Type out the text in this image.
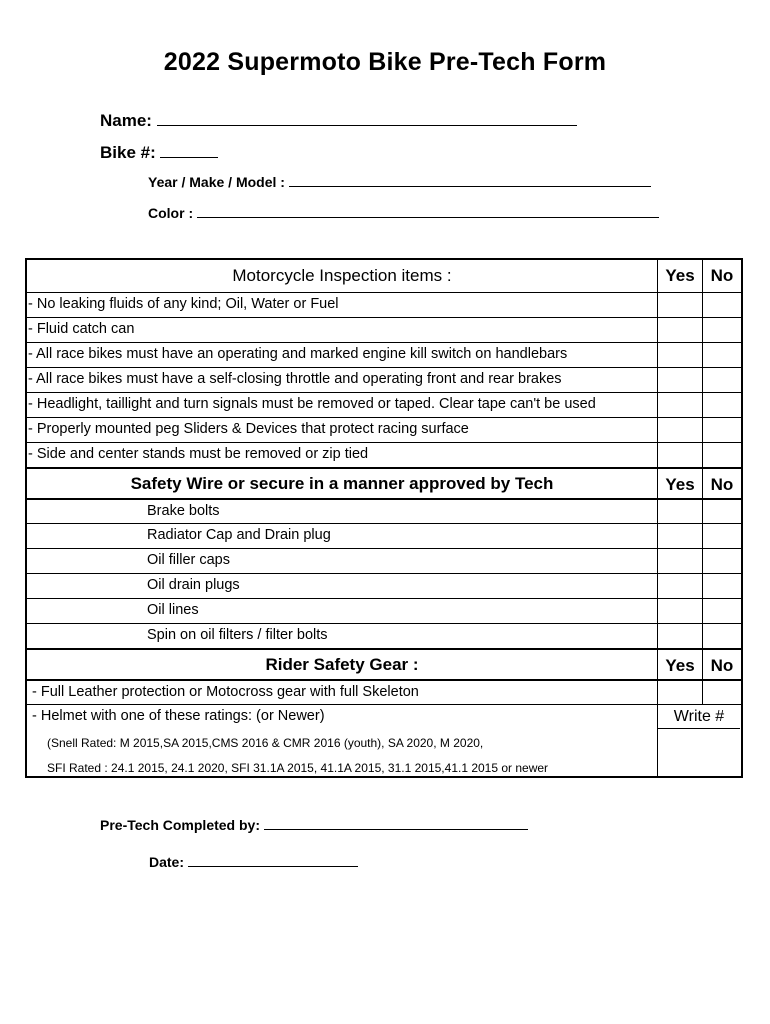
2022 Supermoto Bike Pre-Tech Form
Name:
Bike #:
Year / Make / Model :
Color :
Motorcycle Inspection items :	Yes No
- No leaking fluids of any kind; Oil, Water or Fuel
- Fluid catch can
- All race bikes must have an operating and marked engine kill switch on handlebars
- All race bikes must have a self-closing throttle and operating front and rear brakes
- Headlight, taillight and turn signals must be removed or taped. Clear tape can't be used
- Properly mounted peg Sliders & Devices that protect racing surface
- Side and center stands must be removed or zip tied
Safety Wire or secure in a manner approved by Tech	Yes No
Brake bolts
Radiator Cap and Drain plug
Oil filler caps
Oil drain plugs
Oil lines
Spin on oil filters / filter bolts
Rider Safety Gear :	Yes No
- Full Leather protection or Motocross gear with full Skeleton
- Helmet with one of these ratings: (or Newer)
(Snell Rated: M 2015,SA 2015,CMS 2016 & CMR 2016 (youth), SA 2020, M 2020,
SFI Rated : 24.1 2015, 24.1 2020, SFI 31.1A 2015, 41.1A 2015, 31.1 2015,41.1 2015 or newer
Write #
Pre-Tech Completed by:
Date:
